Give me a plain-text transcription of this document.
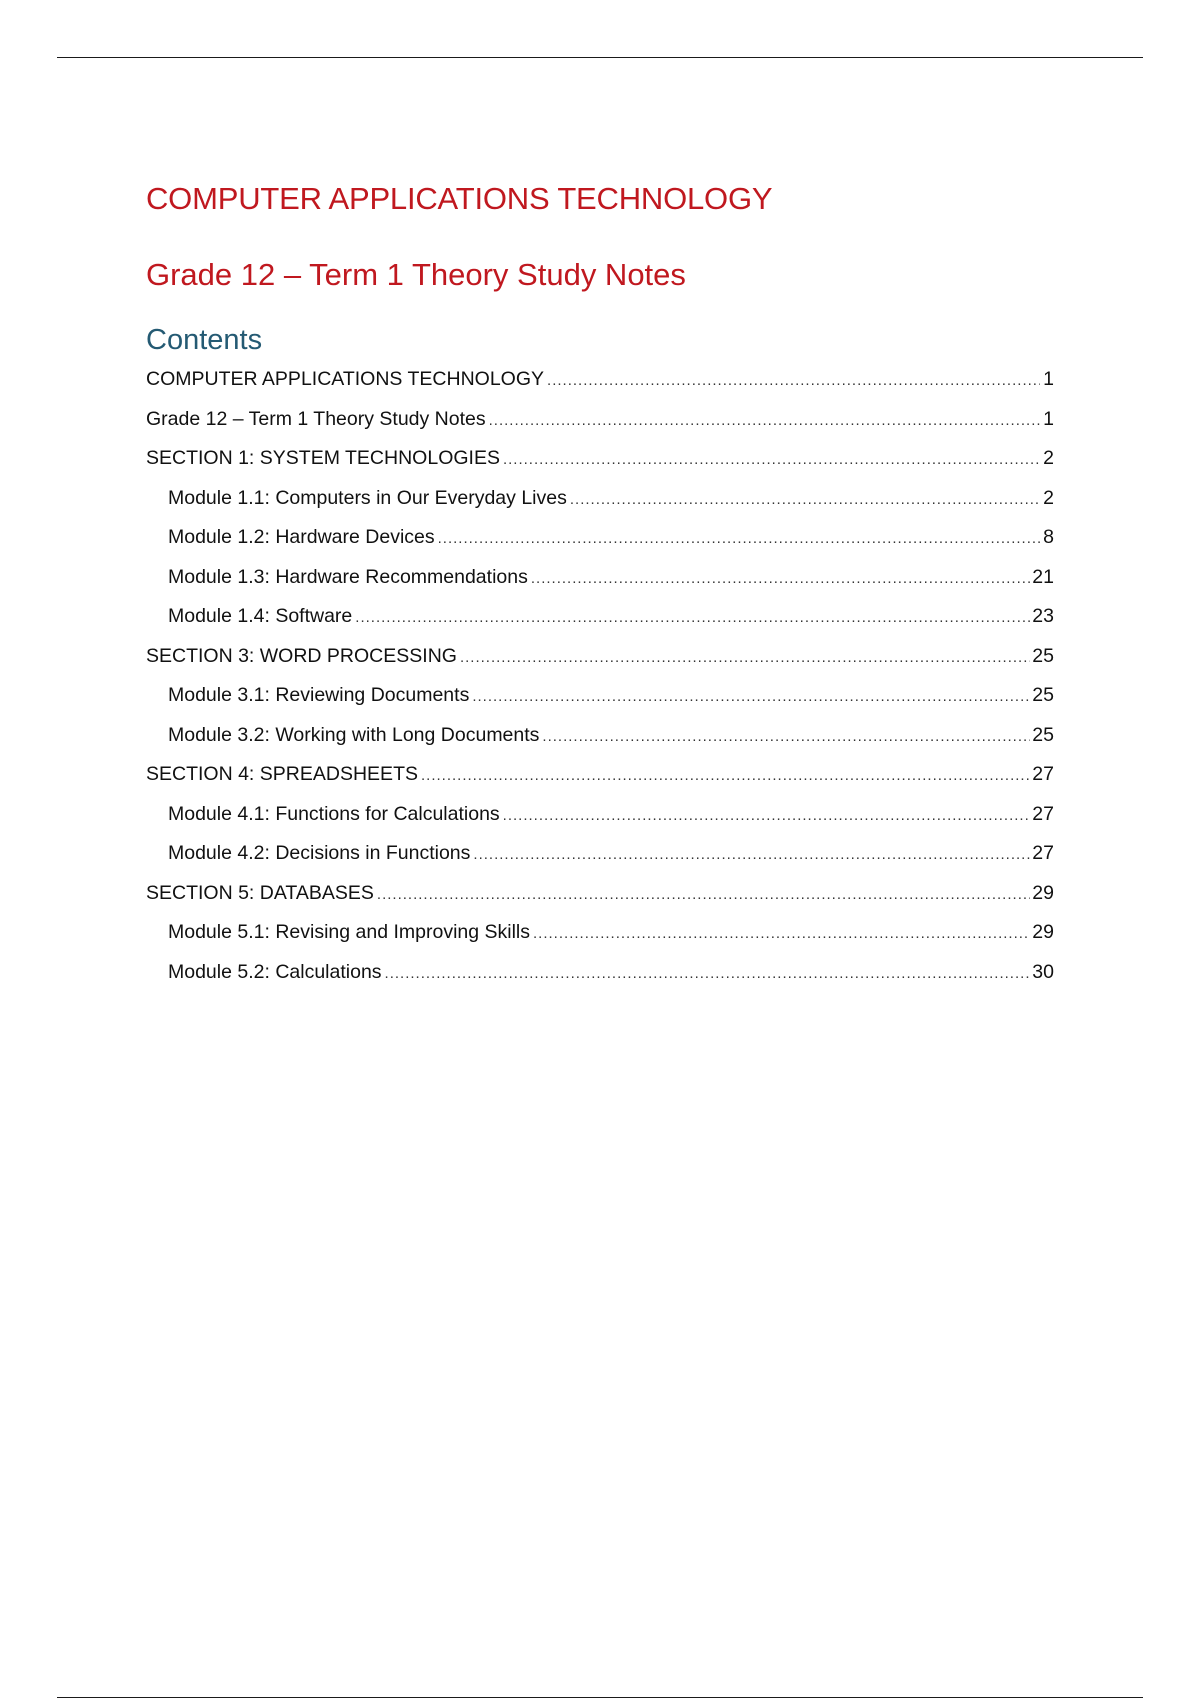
COMPUTER APPLICATIONS TECHNOLOGY
Grade 12 – Term 1 Theory Study Notes
Contents
COMPUTER APPLICATIONS TECHNOLOGY .....	1
Grade 12 – Term 1 Theory Study Notes .....	1
SECTION 1: SYSTEM TECHNOLOGIES .....	2
Module 1.1: Computers in Our Everyday Lives .....	2
Module 1.2: Hardware Devices .....	8
Module 1.3: Hardware Recommendations .....	21
Module 1.4: Software .....	23
SECTION 3: WORD PROCESSING .....	25
Module 3.1: Reviewing Documents .....	25
Module 3.2: Working with Long Documents .....	25
SECTION 4: SPREADSHEETS .....	27
Module 4.1: Functions for Calculations .....	27
Module 4.2: Decisions in Functions .....	27
SECTION 5: DATABASES .....	29
Module 5.1: Revising and Improving Skills .....	29
Module 5.2: Calculations .....	30
